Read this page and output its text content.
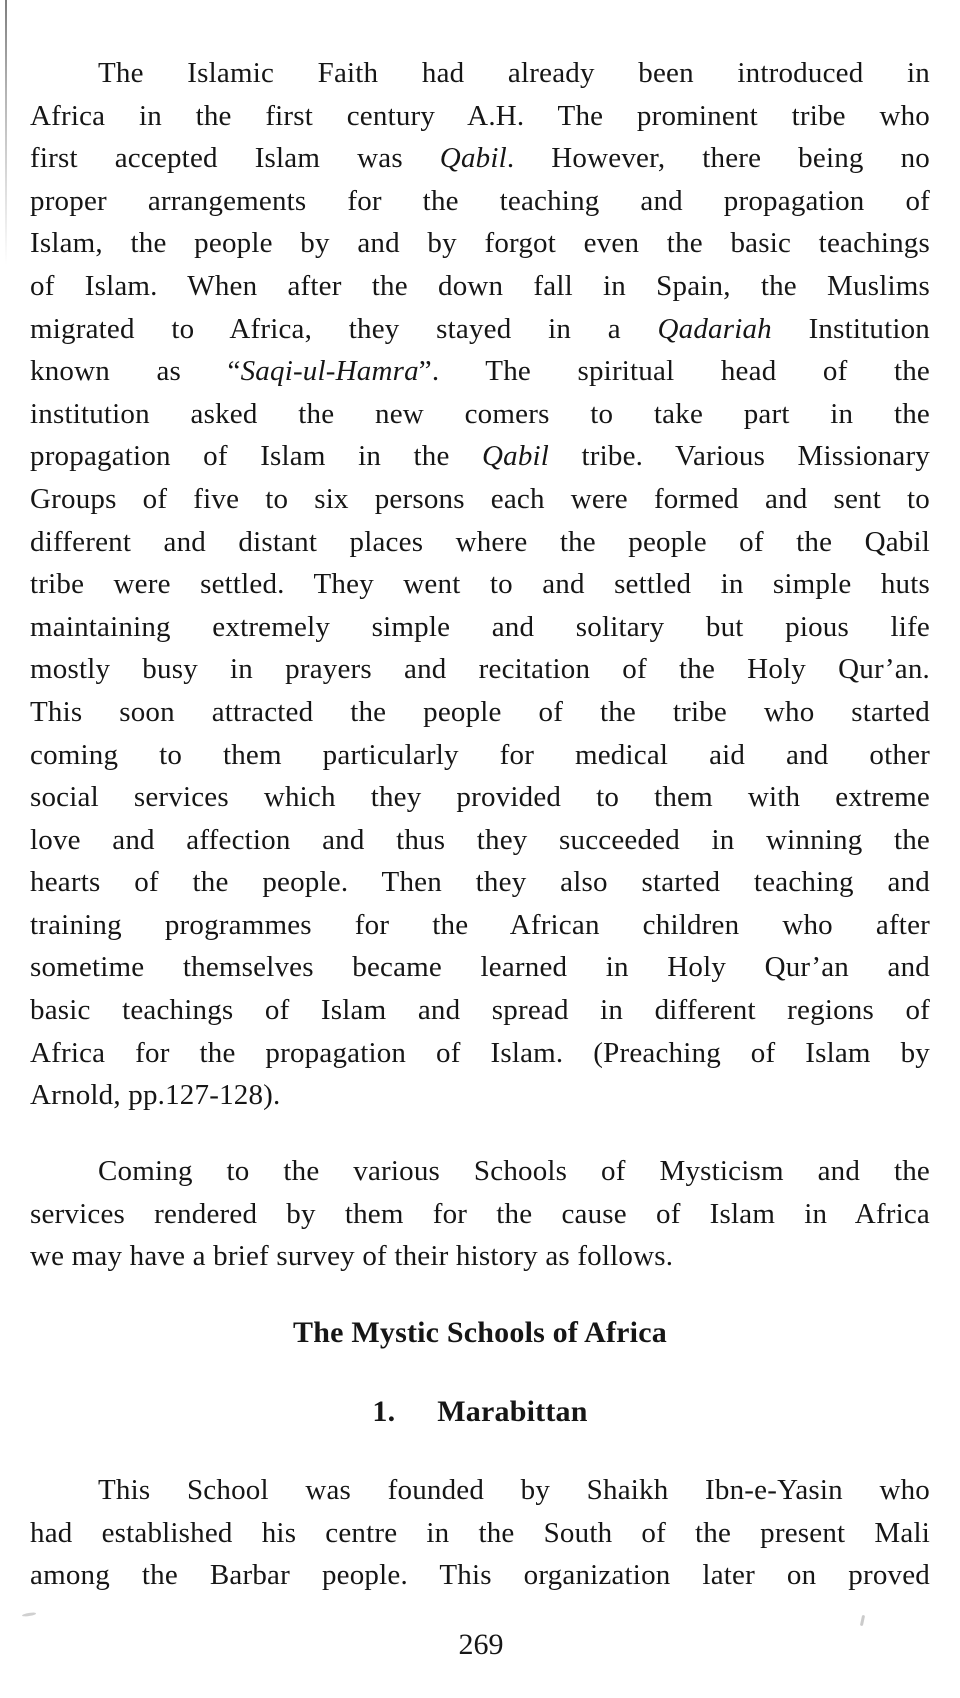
The Islamic Faith had already been introduced in
Africa in the first century A.H. The prominent tribe who
first accepted Islam was Qabil. However, there being no
proper arrangements for the teaching and propagation of
Islam, the people by and by forgot even the basic teachings
of Islam. When after the down fall in Spain, the Muslims
migrated to Africa, they stayed in a Qadariah Institution
known as “Saqi-ul-Hamra”. The spiritual head of the
institution asked the new comers to take part in the
propagation of Islam in the Qabil tribe. Various Missionary
Groups of five to six persons each were formed and sent to
different and distant places where the people of the Qabil
tribe were settled. They went to and settled in simple huts
maintaining extremely simple and solitary but pious life
mostly busy in prayers and recitation of the Holy Qur’an.
This soon attracted the people of the tribe who started
coming to them particularly for medical aid and other
social services which they provided to them with extreme
love and affection and thus they succeeded in winning the
hearts of the people. Then they also started teaching and
training programmes for the African children who after
sometime themselves became learned in Holy Qur’an and
basic teachings of Islam and spread in different regions of
Africa for the propagation of Islam. (Preaching of Islam by
Arnold, pp.127-128).
Coming to the various Schools of Mysticism and the
services rendered by them for the cause of Islam in Africa
we may have a brief survey of their history as follows.
The Mystic Schools of Africa
1. Marabittan
This School was founded by Shaikh Ibn-e-Yasin who
had established his centre in the South of the present Mali
among the Barbar people. This organization later on proved
269
